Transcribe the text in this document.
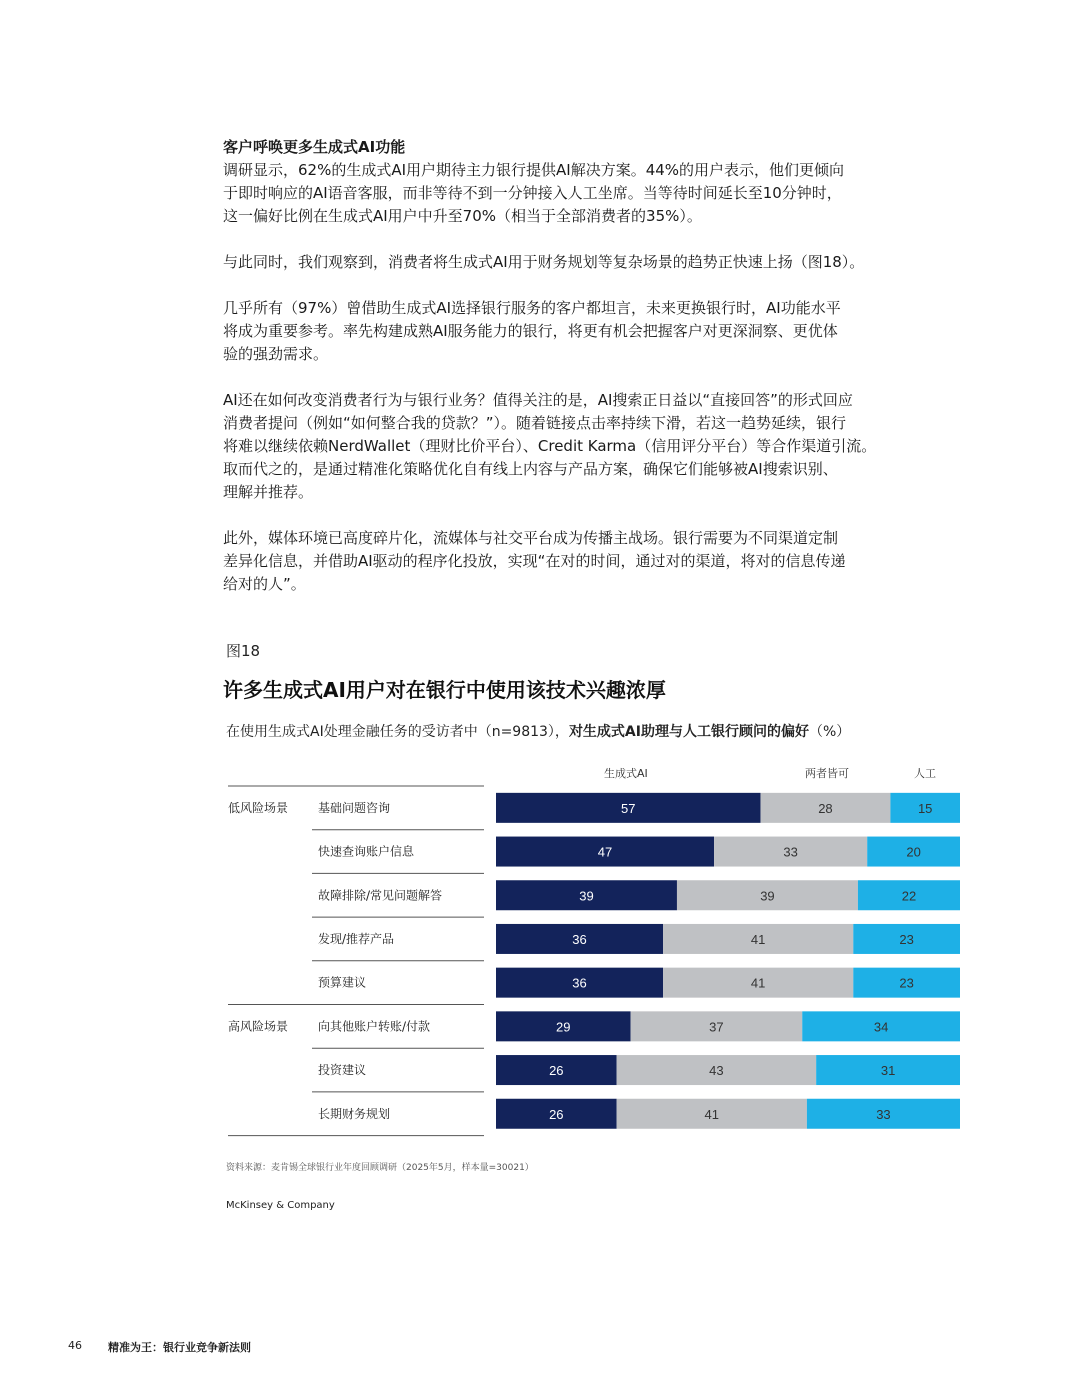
客户呼唤更多生成式AI功能

调研显示，62%的生成式AI用户期待主力银行提供AI解决方案。44%的用户表示，他们更倾向
于即时响应的AI语音客服，而非等待不到一分钟接入人工坐席。当等待时间延长至10分钟时，
这一偏好比例在生成式AI用户中升至70%（相当于全部消费者的35%）。

与此同时，我们观察到，消费者将生成式AI用于财务规划等复杂场景的趋势正快速上扬（图18）。

几乎所有（97%）曾借助生成式AI选择银行服务的客户都坦言，未来更换银行时，AI功能水平
将成为重要参考。率先构建成熟AI服务能力的银行，将更有机会把握客户对更深洞察、更优体
验的强劲需求。

AI还在如何改变消费者行为与银行业务？值得关注的是，AI搜索正日益以“直接回答”的形式回应
消费者提问（例如“如何整合我的贷款？”）。随着链接点击率持续下滑，若这一趋势延续，银行
将难以继续依赖NerdWallet（理财比价平台）、Credit Karma（信用评分平台）等合作渠道引流。
取而代之的，是通过精准化策略优化自有线上内容与产品方案，确保它们能够被AI搜索识别、
理解并推荐。

此外，媒体环境已高度碎片化，流媒体与社交平台成为传播主战场。银行需要为不同渠道定制
差异化信息，并借助AI驱动的程序化投放，实现“在对的时间，通过对的渠道，将对的信息传递
给对的人”。

图18
许多生成式AI用户对在银行中使用该技术兴趣浓厚
在使用生成式AI处理金融任务的受访者中（n=9813），对生成式AI助理与人工银行顾问的偏好（%）
生成式AI	两者皆可	人工
低风险场景 基础问题咨询	57	28	15
快速查询账户信息	47	33	20
故障排除/常见问题解答	39	39	22
发现/推荐产品	36	41	23
预算建议	36	41	23
高风险场景 向其他账户转账/付款	29	37	34
投资建议	26	43	31
长期财务规划	26	41	33
资料来源：麦肯锡全球银行业年度回顾调研（2025年5月，样本量=30021）
McKinsey & Company
46 精准为王：银行业竞争新法则
